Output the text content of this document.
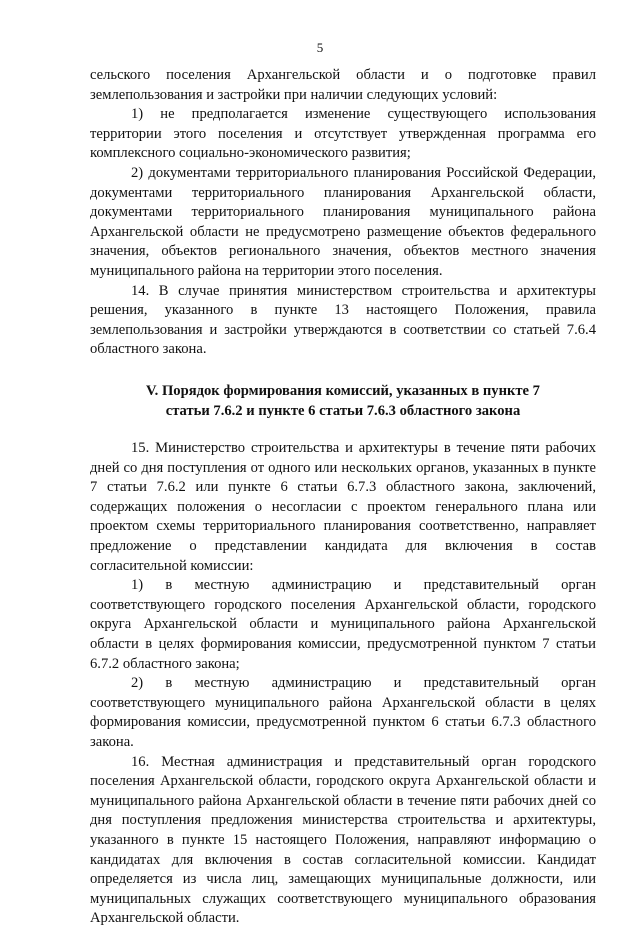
5

сельского поселения Архангельской области и о подготовке правил землепользования и застройки при наличии следующих условий:

1) не предполагается изменение существующего использования территории этого поселения и отсутствует утвержденная программа его комплексного социально-экономического развития;

2) документами территориального планирования Российской Федерации, документами территориального планирования Архангельской области, документами территориального планирования муниципального района Архангельской области не предусмотрено размещение объектов федерального значения, объектов регионального значения, объектов местного значения муниципального района на территории этого поселения.

14. В случае принятия министерством строительства и архитектуры решения, указанного в пункте 13 настоящего Положения, правила землепользования и застройки утверждаются в соответствии со статьей 7.6.4 областного закона.

V. Порядок формирования комиссий, указанных в пункте 7
статьи 7.6.2 и пункте 6 статьи 7.6.3 областного закона

15. Министерство строительства и архитектуры в течение пяти рабочих дней со дня поступления от одного или нескольких органов, указанных в пункте 7 статьи 7.6.2 или пункте 6 статьи 6.7.3 областного закона, заключений, содержащих положения о несогласии с проектом генерального плана или проектом схемы территориального планирования соответственно, направляет предложение о представлении кандидата для включения в состав согласительной комиссии:

1) в местную администрацию и представительный орган соответствующего городского поселения Архангельской области, городского округа Архангельской области и муниципального района Архангельской области в целях формирования комиссии, предусмотренной пунктом 7 статьи 6.7.2 областного закона;

2) в местную администрацию и представительный орган соответствующего муниципального района Архангельской области в целях формирования комиссии, предусмотренной пунктом 6 статьи 6.7.3 областного закона.

16. Местная администрация и представительный орган городского поселения Архангельской области, городского округа Архангельской области и муниципального района Архангельской области в течение пяти рабочих дней со дня поступления предложения министерства строительства и архитектуры, указанного в пункте 15 настоящего Положения, направляют информацию о кандидатах для включения в состав согласительной комиссии. Кандидат определяется из числа лиц, замещающих муниципальные должности, или муниципальных служащих соответствующего муниципального образования Архангельской области.
